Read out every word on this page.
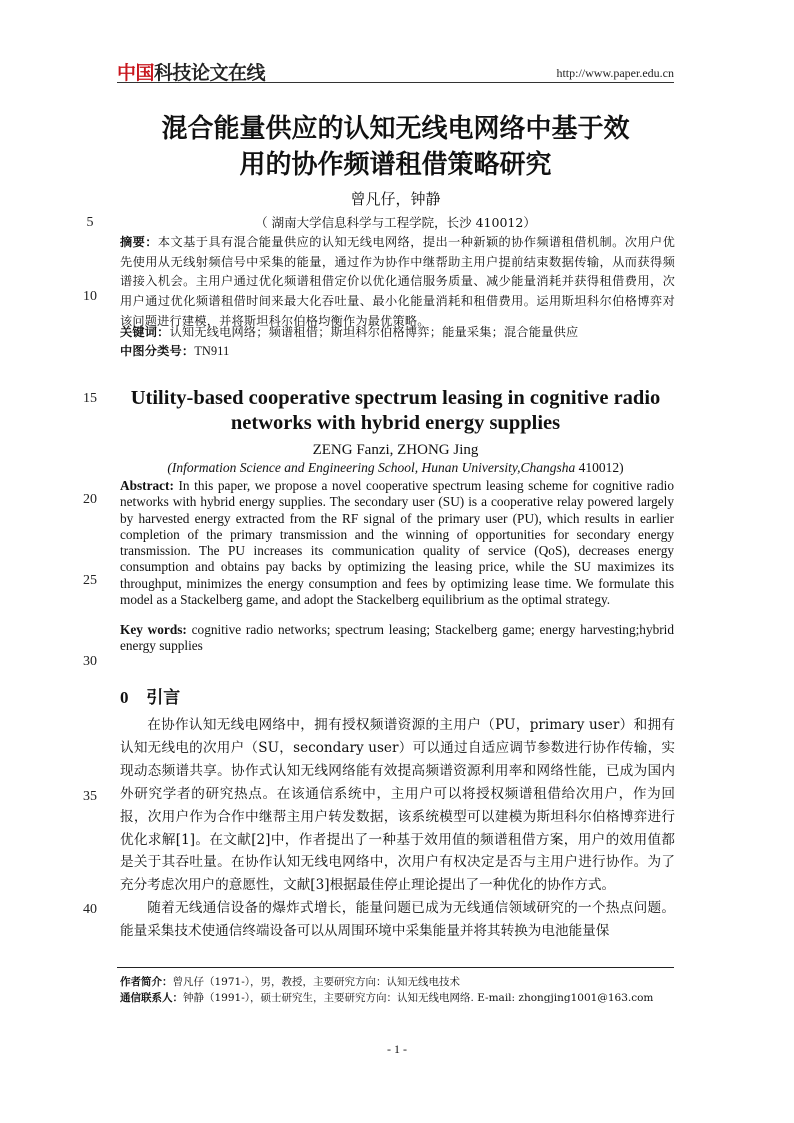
中国科技论文在线	http://www.paper.edu.cn
混合能量供应的认知无线电网络中基于效
用的协作频谱租借策略研究
曾凡仔，钟静
（ 湖南大学信息科学与工程学院，长沙 410012）
5
10
15
20
25
30
35
40
摘要：本文基于具有混合能量供应的认知无线电网络，提出一种新颖的协作频谱租借机制。次用户优先使用从无线射频信号中采集的能量，通过作为协作中继帮助主用户提前结束数据传输，从而获得频谱接入机会。主用户通过优化频谱租借定价以优化通信服务质量、减少能量消耗并获得租借费用，次用户通过优化频谱租借时间来最大化吞吐量、最小化能量消耗和租借费用。运用斯坦科尔伯格博弈对该问题进行建模，并将斯坦科尔伯格均衡作为最优策略。
关键词：认知无线电网络；频谱租借；斯坦科尔伯格博弈；能量采集；混合能量供应
中图分类号：TN911
Utility-based cooperative spectrum leasing in cognitive radio
networks with hybrid energy supplies
ZENG Fanzi, ZHONG Jing
(Information Science and Engineering School, Hunan University,Changsha 410012)
Abstract: In this paper, we propose a novel cooperative spectrum leasing scheme for cognitive radio networks with hybrid energy supplies. The secondary user (SU) is a cooperative relay powered largely by harvested energy extracted from the RF signal of the primary user (PU), which results in earlier completion of the primary transmission and the winning of opportunities for secondary energy transmission. The PU increases its communication quality of service (QoS), decreases energy consumption and obtains pay backs by optimizing the leasing price, while the SU maximizes its throughput, minimizes the energy consumption and fees by optimizing lease time. We formulate this model as a Stackelberg game, and adopt the Stackelberg equilibrium as the optimal strategy.
Key words: cognitive radio networks; spectrum leasing; Stackelberg game; energy harvesting;hybrid energy supplies
0 引言

在协作认知无线电网络中，拥有授权频谱资源的主用户（PU，primary user）和拥有认知无线电的次用户（SU，secondary user）可以通过自适应调节参数进行协作传输，实现动态频谱共享。协作式认知无线网络能有效提高频谱资源利用率和网络性能，已成为国内外研究学者的研究热点。在该通信系统中，主用户可以将授权频谱租借给次用户，作为回报，次用户作为合作中继帮主用户转发数据，该系统模型可以建模为斯坦科尔伯格博弈进行优化求解[1]。在文献[2]中，作者提出了一种基于效用值的频谱租借方案，用户的效用值都是关于其吞吐量。在协作认知无线电网络中，次用户有权决定是否与主用户进行协作。为了充分考虑次用户的意愿性，文献[3]根据最佳停止理论提出了一种优化的协作方式。

随着无线通信设备的爆炸式增长，能量问题已成为无线通信领域研究的一个热点问题。能量采集技术使通信终端设备可以从周围环境中采集能量并将其转换为电池能量保

作者简介：曾凡仔（1971-），男，教授，主要研究方向：认知无线电技术
通信联系人：钟静（1991-），硕士研究生，主要研究方向：认知无线电网络. E-mail: zhongjing1001@163.com
- 1 -
